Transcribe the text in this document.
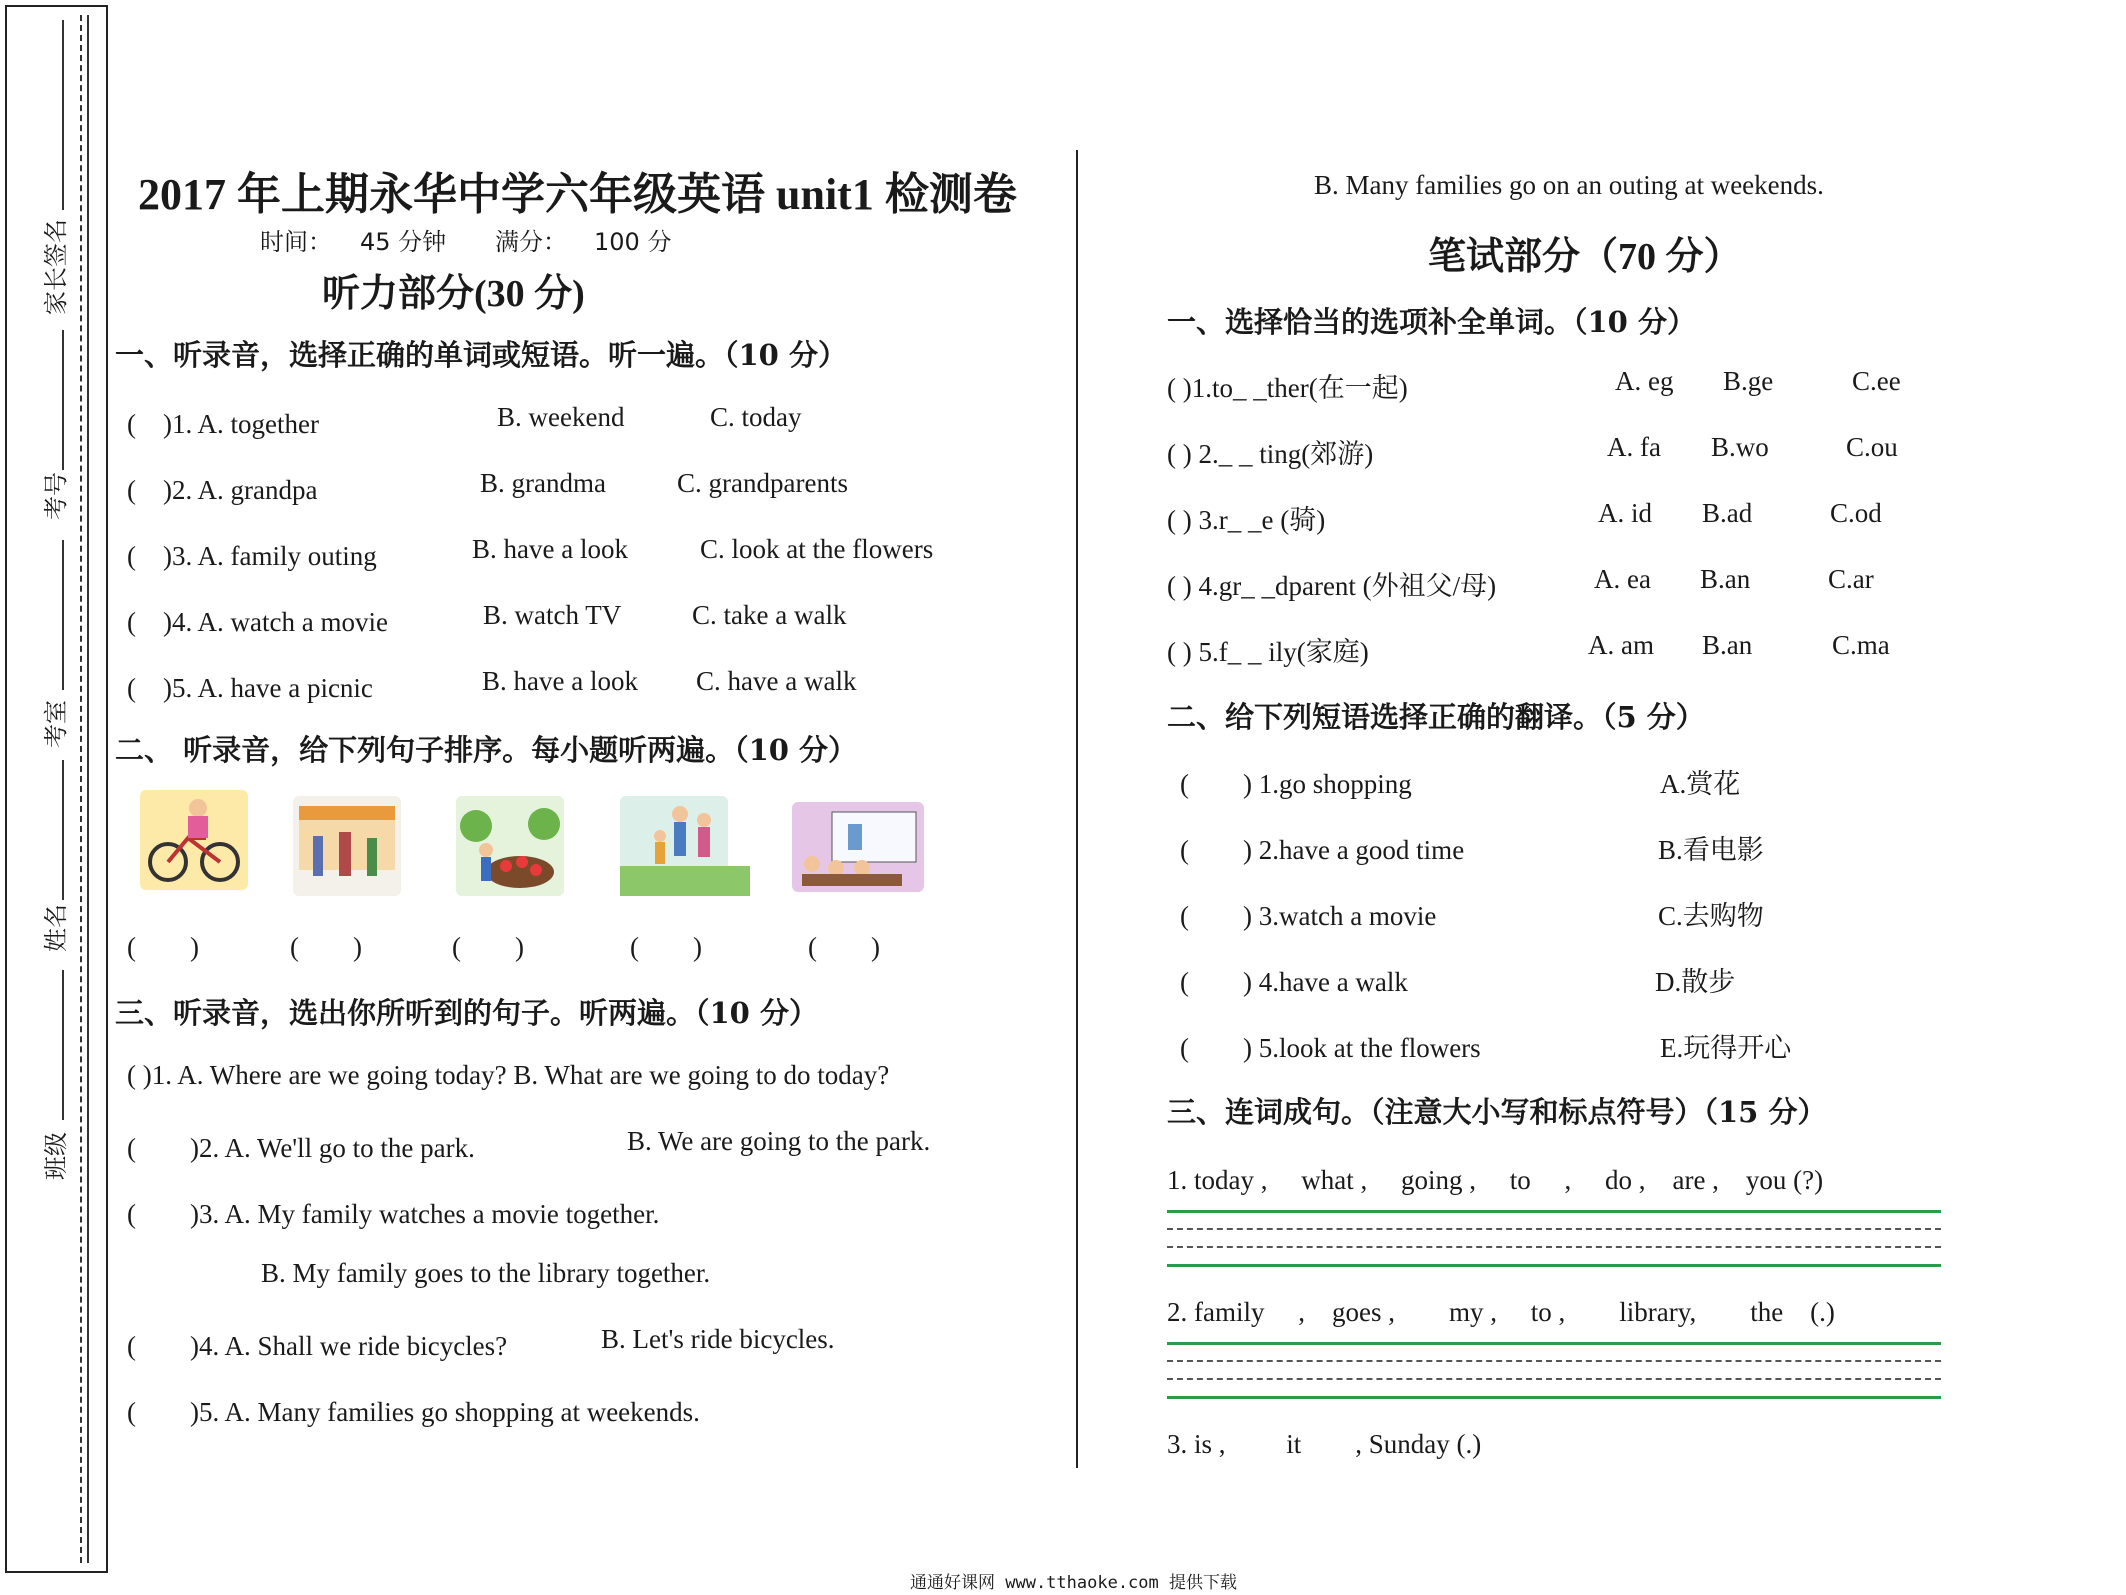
家长签名
考号
考室
姓名
班级
2017 年上期永华中学六年级英语 unit1 检测卷
时间： 45 分钟 满分： 100 分
听力部分(30 分)
一、听录音，选择正确的单词或短语。听一遍。（10 分）
(　)1. A. together	B. weekend	C. today
(　)2. A. grandpa	B. grandma	C. grandparents
(　)3. A. family outing	B. have a look	C. look at the flowers
(　)4. A. watch a movie	B. watch TV	C. take a walk
(　)5. A. have a picnic	B. have a look C. have a walk
二、 听录音，给下列句子排序。每小题听两遍。（10 分）
(　　)	(　　)	(　　)	(　　)	(　　)
三、听录音，选出你所听到的句子。听两遍。（10 分）
( )1. A. Where are we going today? B. What are we going to do today?
(　　)2. A. We'll go to the park.	B. We are going to the park.
(　　)3. A. My family watches a movie together.
B. My family goes to the library together.
(　　)4. A. Shall we ride bicycles?	B. Let's ride bicycles.
(　　)5. A. Many families go shopping at weekends.
B. Many families go on an outing at weekends.
笔试部分（70 分）
一、选择恰当的选项补全单词。（10 分）
( )1.to_ _ther(在一起)	A. eg B.ge	C.ee
( ) 2._ _ ting(郊游)	A. fa B.wo	C.ou
( ) 3.r_ _e (骑)	A. id B.ad	C.od
( ) 4.gr_ _dparent (外祖父/母)	A. ea B.an	C.ar
( ) 5.f_ _ ily(家庭)	A. am B.an	C.ma
二、给下列短语选择正确的翻译。（5 分）
(　　) 1.go shopping	A.赏花
(　　) 2.have a good time	B.看电影
(　　) 3.watch a movie	C.去购物
(　　) 4.have a walk	D.散步
(　　) 5.look at the flowers	E.玩得开心
三、连词成句。（注意大小写和标点符号）（15 分）
1. today ,　 what ,　 going ,　 to　 ,　 do ,　are ,　you (?)
2. family　 ,　goes ,　　my ,　 to ,　　library,　　the　(.)
3. is ,　　 it　　, Sunday (.)
通通好课网 www.tthaoke.com 提供下载
